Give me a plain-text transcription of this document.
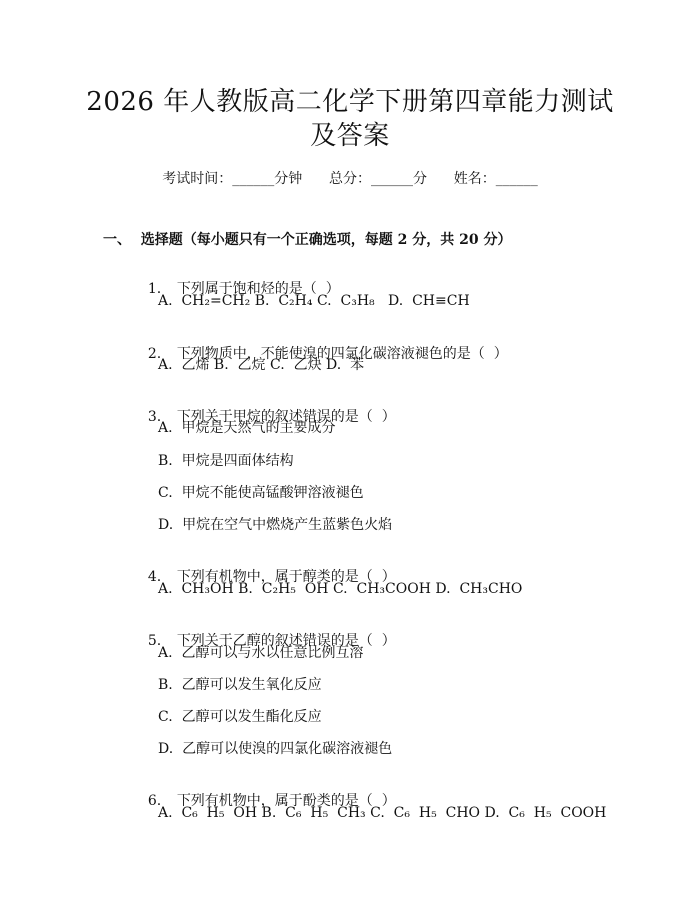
2026 年人教版高二化学下册第四章能力测试
及答案
考试时间：______分钟      总分：______分      姓名：______
一、  选择题（每小题只有一个正确选项，每题 2 分，共 20 分）

1. 下列属于饱和烃的是（  ）

A.  CH₂=CH₂ B.  C₂H₄ C.  C₃H₈   D.  CH≡CH

2. 下列物质中，不能使溴的四氯化碳溶液褪色的是（  ）

A.  乙烯 B.  乙烷 C.  乙炔 D.  苯

3. 下列关于甲烷的叙述错误的是（  ）

A.  甲烷是天然气的主要成分
B.  甲烷是四面体结构
C.  甲烷不能使高锰酸钾溶液褪色
D.  甲烷在空气中燃烧产生蓝紫色火焰

4. 下列有机物中，属于醇类的是（  ）

A.  CH₃OH B.  C₂H₅  OH C.  CH₃COOH D.  CH₃CHO

5. 下列关于乙醇的叙述错误的是（  ）

A.  乙醇可以与水以任意比例互溶
B.  乙醇可以发生氧化反应
C.  乙醇可以发生酯化反应
D.  乙醇可以使溴的四氯化碳溶液褪色

6. 下列有机物中，属于酚类的是（  ）

A.  C₆  H₅  OH B.  C₆  H₅  CH₃ C.  C₆  H₅  CHO D.  C₆  H₅  COOH
